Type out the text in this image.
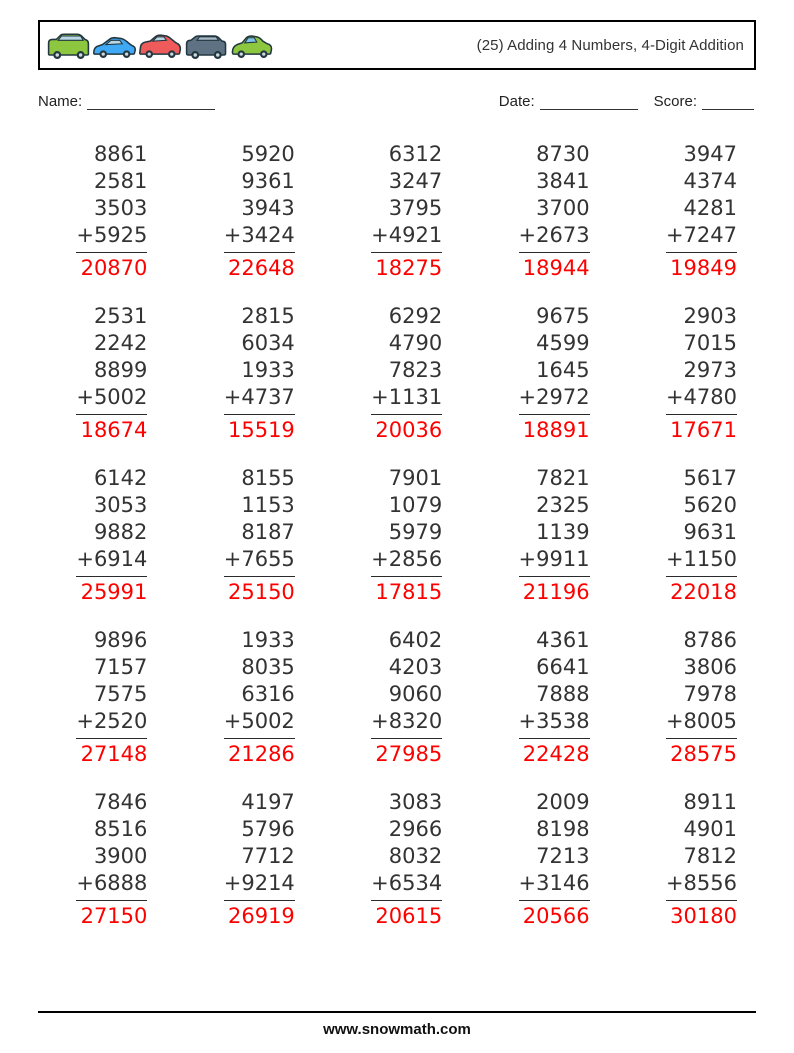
(25) Adding 4 Numbers, 4-Digit Addition
Name:	Date:	Score:
8861
2581
3503
+5925
20870
5920
9361
3943
+3424
22648
6312
3247
3795
+4921
18275
8730
3841
3700
+2673
18944
3947
4374
4281
+7247
19849
2531
2242
8899
+5002
18674
2815
6034
1933
+4737
15519
6292
4790
7823
+1131
20036
9675
4599
1645
+2972
18891
2903
7015
2973
+4780
17671
6142
3053
9882
+6914
25991
8155
1153
8187
+7655
25150
7901
1079
5979
+2856
17815
7821
2325
1139
+9911
21196
5617
5620
9631
+1150
22018
9896
7157
7575
+2520
27148
1933
8035
6316
+5002
21286
6402
4203
9060
+8320
27985
4361
6641
7888
+3538
22428
8786
3806
7978
+8005
28575
7846
8516
3900
+6888
27150
4197
5796
7712
+9214
26919
3083
2966
8032
+6534
20615
2009
8198
7213
+3146
20566
8911
4901
7812
+8556
30180
www.snowmath.com
